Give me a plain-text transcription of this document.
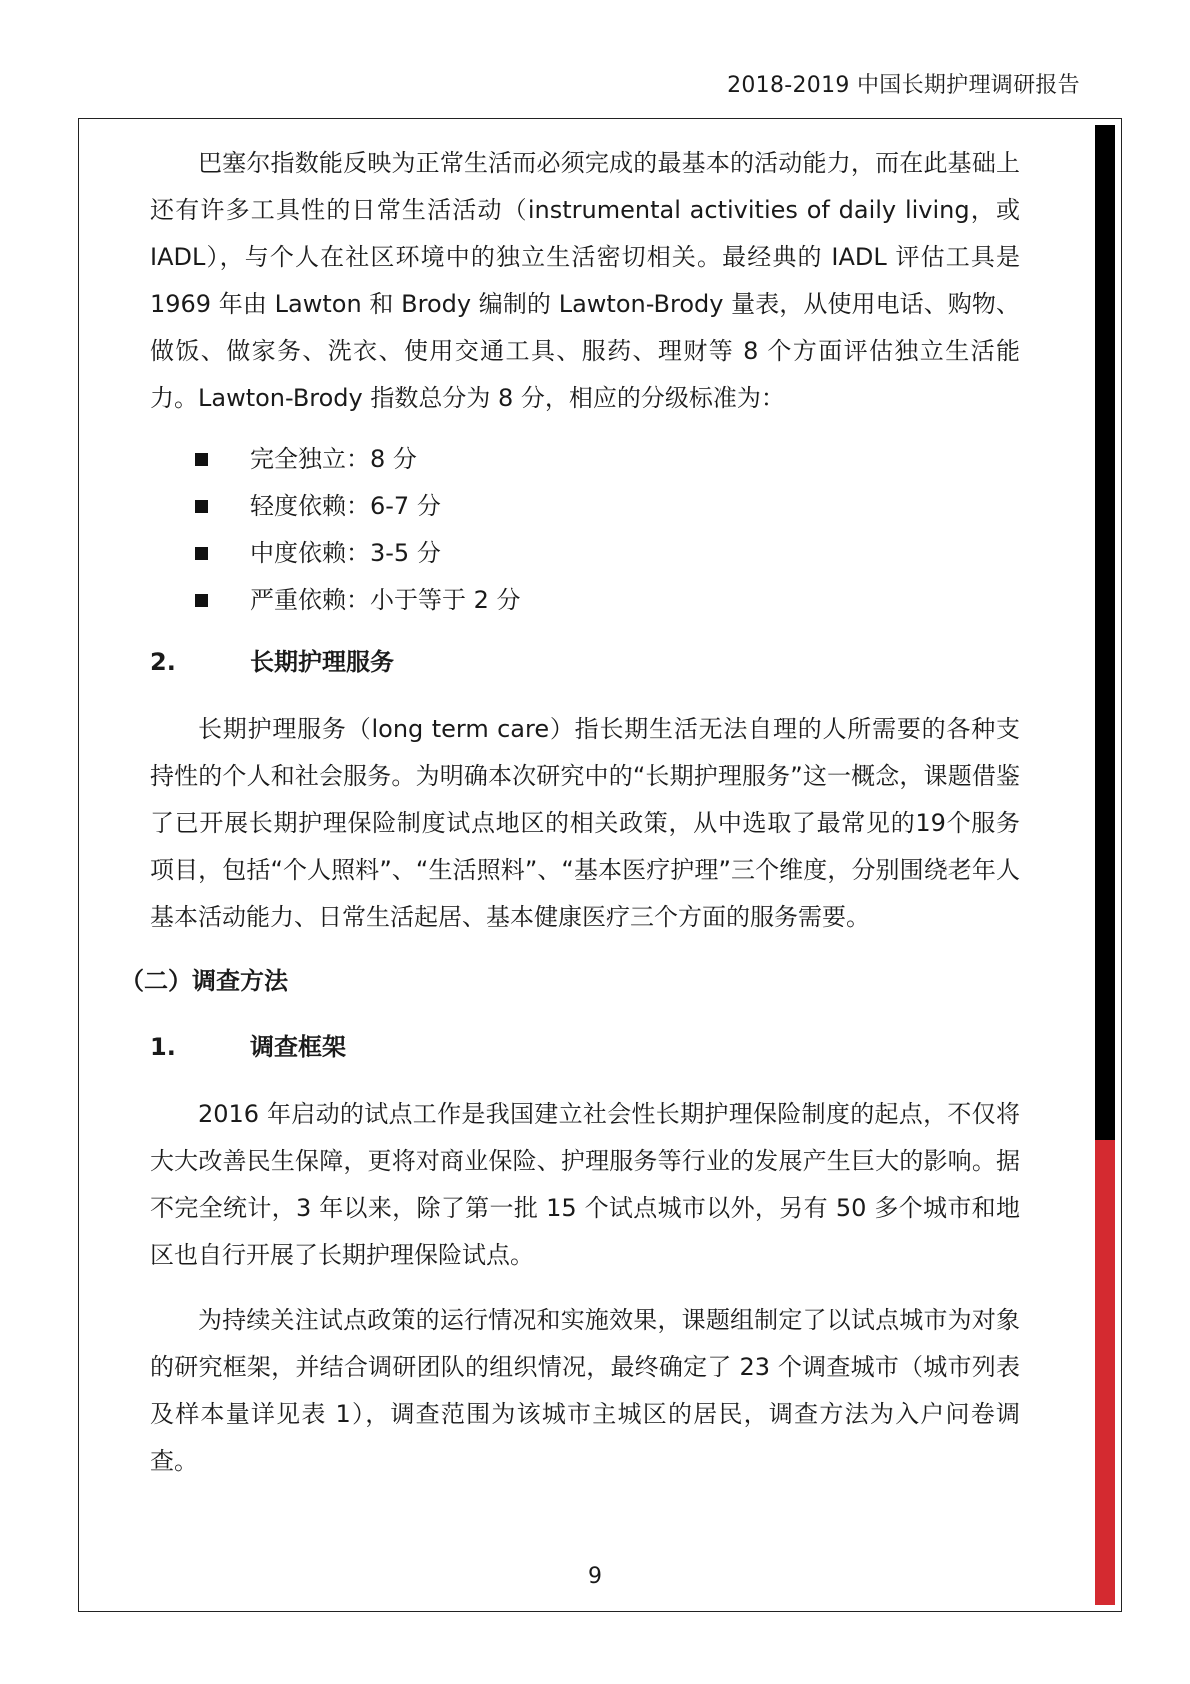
2018-2019 中国长期护理调研报告

巴塞尔指数能反映为正常生活而必须完成的最基本的活动能力，而在此基础上还有许多工具性的日常生活活动（instrumental activities of daily living，或IADL），与个人在社区环境中的独立生活密切相关。最经典的 IADL 评估工具是1969 年由 Lawton 和 Brody 编制的 Lawton-Brody 量表，从使用电话、购物、做饭、做家务、洗衣、使用交通工具、服药、理财等 8 个方面评估独立生活能力。Lawton-Brody 指数总分为 8 分，相应的分级标准为：

完全独立：8 分
轻度依赖：6-7 分
中度依赖：3-5 分
严重依赖：小于等于 2 分
2.	长期护理服务

长期护理服务（long term care）指长期生活无法自理的人所需要的各种支持性的个人和社会服务。为明确本次研究中的“长期护理服务”这一概念，课题借鉴了已开展长期护理保险制度试点地区的相关政策，从中选取了最常见的19个服务项目，包括“个人照料”、“生活照料”、“基本医疗护理”三个维度，分别围绕老年人基本活动能力、日常生活起居、基本健康医疗三个方面的服务需要。

（二）调查方法
1.	调查框架

2016 年启动的试点工作是我国建立社会性长期护理保险制度的起点，不仅将大大改善民生保障，更将对商业保险、护理服务等行业的发展产生巨大的影响。据不完全统计，3 年以来，除了第一批 15 个试点城市以外，另有 50 多个城市和地区也自行开展了长期护理保险试点。

为持续关注试点政策的运行情况和实施效果，课题组制定了以试点城市为对象的研究框架，并结合调研团队的组织情况，最终确定了 23 个调查城市（城市列表及样本量详见表 1），调查范围为该城市主城区的居民，调查方法为入户问卷调查。

9
